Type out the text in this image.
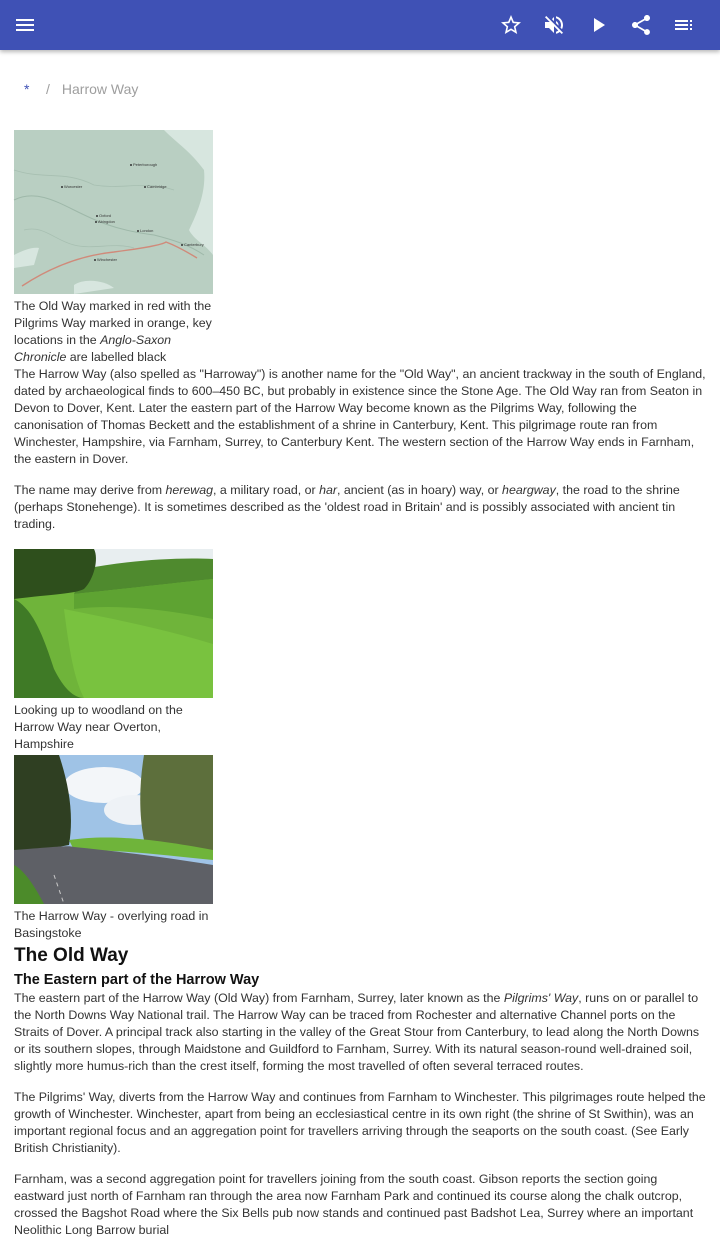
*	/ Harrow Way
Peterborough
Worcester	Cambridge
Oxford
Abingdon
London
Canterbury
Winchester
The Old Way marked in red with the Pilgrims Way marked in orange, key locations in the Anglo-Saxon Chronicle are labelled black

The Harrow Way (also spelled as "Harroway") is another name for the "Old Way", an ancient trackway in the south of England, dated by archaeological finds to 600–450 BC, but probably in existence since the Stone Age. The Old Way ran from Seaton in Devon to Dover, Kent. Later the eastern part of the Harrow Way become known as the Pilgrims Way, following the canonisation of Thomas Beckett and the establishment of a shrine in Canterbury, Kent. This pilgrimage route ran from Winchester, Hampshire, via Farnham, Surrey, to Canterbury Kent. The western section of the Harrow Way ends in Farnham, the eastern in Dover.

The name may derive from herewag, a military road, or har, ancient (as in hoary) way, or heargway, the road to the shrine (perhaps Stonehenge). It is sometimes described as the 'oldest road in Britain' and is possibly associated with ancient tin trading.

Looking up to woodland on the Harrow Way near Overton, Hampshire
The Harrow Way - overlying road in Basingstoke
The Old Way
The Eastern part of the Harrow Way

The eastern part of the Harrow Way (Old Way) from Farnham, Surrey, later known as the Pilgrims' Way, runs on or parallel to the North Downs Way National trail. The Harrow Way can be traced from Rochester and alternative Channel ports on the Straits of Dover. A principal track also starting in the valley of the Great Stour from Canterbury, to lead along the North Downs or its southern slopes, through Maidstone and Guildford to Farnham, Surrey. With its natural season-round well-drained soil, slightly more humus-rich than the crest itself, forming the most travelled of often several terraced routes.

The Pilgrims' Way, diverts from the Harrow Way and continues from Farnham to Winchester. This pilgrimages route helped the growth of Winchester. Winchester, apart from being an ecclesiastical centre in its own right (the shrine of St Swithin), was an important regional focus and an aggregation point for travellers arriving through the seaports on the south coast. (See Early British Christianity).

Farnham, was a second aggregation point for travellers joining from the south coast. Gibson reports the section going eastward just north of Farnham ran through the area now Farnham Park and continued its course along the chalk outcrop, crossed the Bagshot Road where the Six Bells pub now stands and continued past Badshot Lea, Surrey where an important Neolithic Long Barrow burial
